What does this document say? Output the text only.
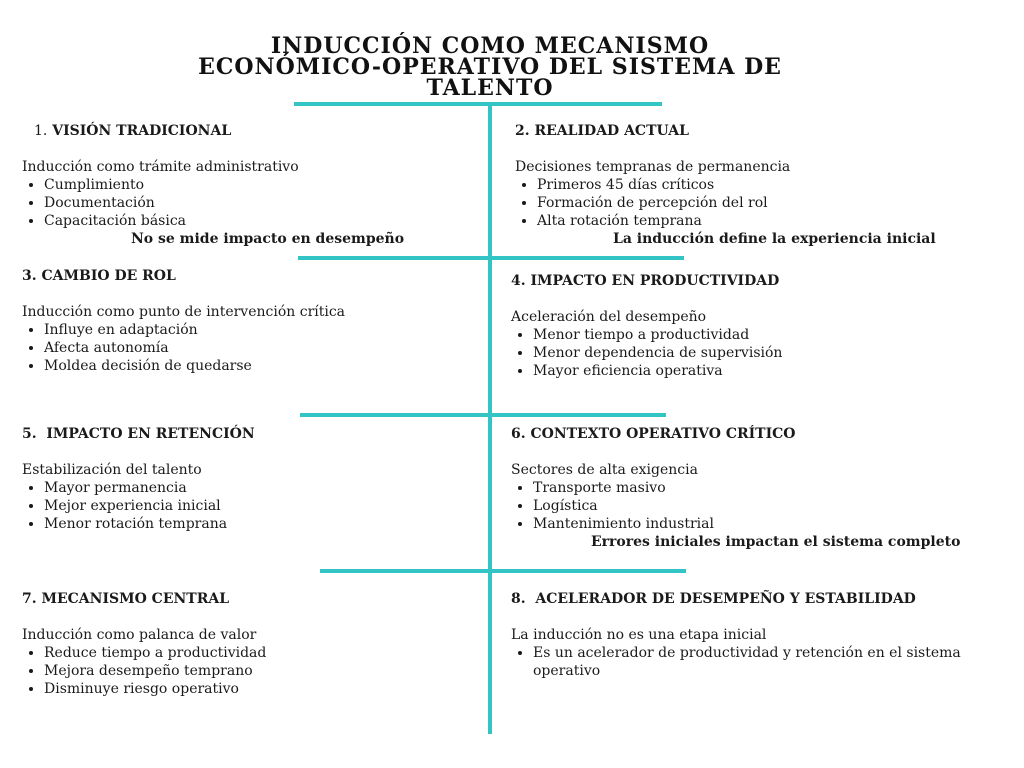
INDUCCIÓN COMO MECANISMO
ECONÓMICO-OPERATIVO DEL SISTEMA DE
TALENTO
1. VISIÓN TRADICIONAL

Inducción como trámite administrativo

• Cumplimiento
• Documentación
• Capacitación básica
No se mide impacto en desempeño
2. REALIDAD ACTUAL

Decisiones tempranas de permanencia

• Primeros 45 días críticos
• Formación de percepción del rol
• Alta rotación temprana
La inducción define la experiencia inicial
3. CAMBIO DE ROL

Inducción como punto de intervención crítica

• Influye en adaptación
• Afecta autonomía
• Moldea decisión de quedarse
4. IMPACTO EN PRODUCTIVIDAD

Aceleración del desempeño

• Menor tiempo a productividad
• Menor dependencia de supervisión
• Mayor eficiencia operativa
5.  IMPACTO EN RETENCIÓN

Estabilización del talento

• Mayor permanencia
• Mejor experiencia inicial
• Menor rotación temprana
6. CONTEXTO OPERATIVO CRÍTICO

Sectores de alta exigencia

• Transporte masivo
• Logística
• Mantenimiento industrial
Errores iniciales impactan el sistema completo
7. MECANISMO CENTRAL

Inducción como palanca de valor

• Reduce tiempo a productividad
• Mejora desempeño temprano
• Disminuye riesgo operativo
8.  ACELERADOR DE DESEMPEÑO Y ESTABILIDAD

La inducción no es una etapa inicial

• Es un acelerador de productividad y retención en el sistema operativo
